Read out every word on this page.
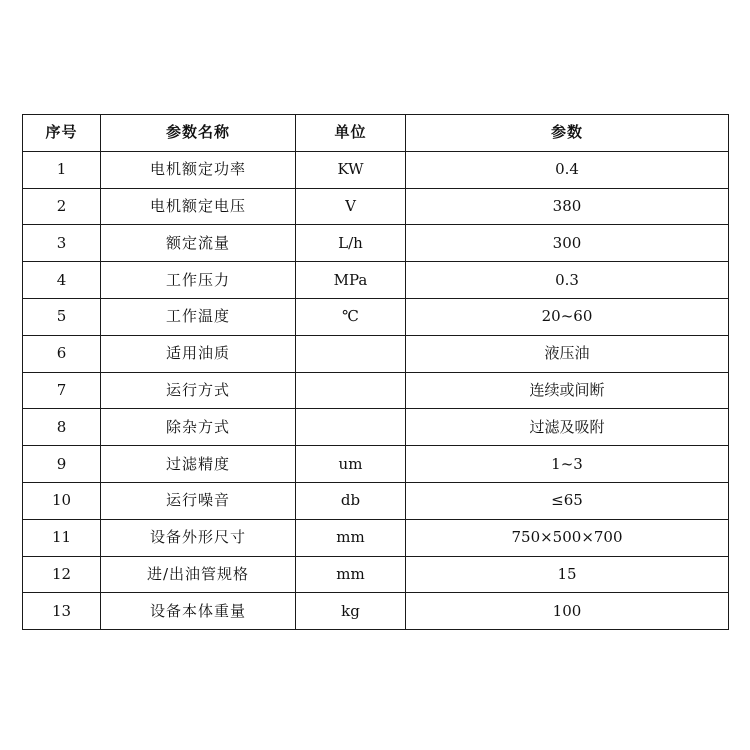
序号	参数名称	单位	参数
1	电机额定功率	KW	0.4
2	电机额定电压	V	380
3	额定流量	L/h	300
4	工作压力	MPa	0.3
5	工作温度	℃	20~60
6	适用油质		液压油
7	运行方式		连续或间断
8	除杂方式		过滤及吸附
9	过滤精度	um	1~3
10	运行噪音	db	≤65
11	设备外形尺寸	mm	750×500×700
12	进/出油管规格	mm	15
13	设备本体重量	kg	100
